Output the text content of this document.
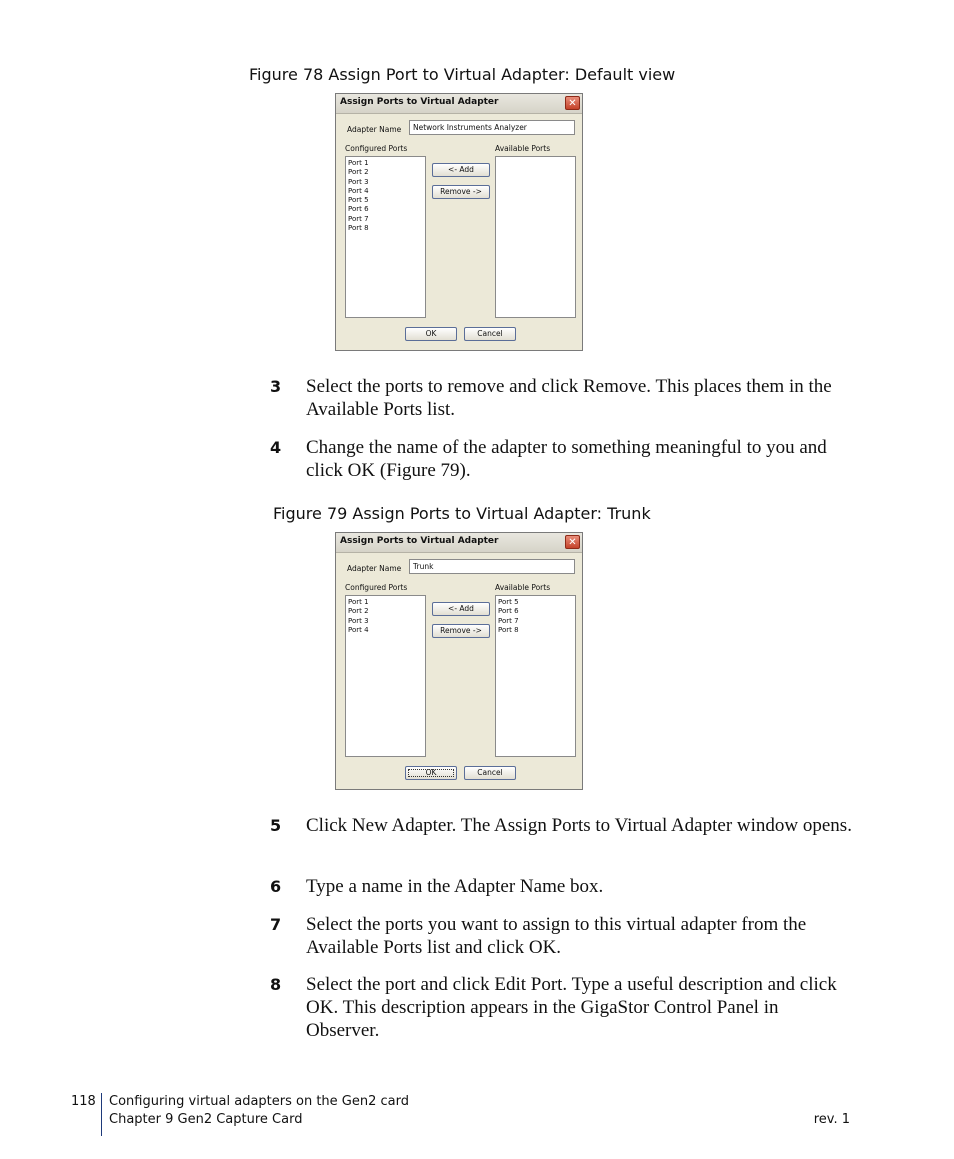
Figure 78 Assign Port to Virtual Adapter: Default view
Assign Ports to Virtual Adapter	✕
Adapter Name	Network Instruments Analyzer
Configured Ports	Available Ports
Port 1
Port 2
Port 3
Port 4
Port 5
Port 6
Port 7
Port 8
<- Add
Remove ->
OK	Cancel
3 Select the ports to remove and click Remove. This places them in the Available Ports list.
4 Change the name of the adapter to something meaningful to you and click OK (Figure 79).
Figure 79 Assign Ports to Virtual Adapter: Trunk
Assign Ports to Virtual Adapter	✕
Adapter Name	Trunk
Configured Ports	Available Ports
Port 1
Port 2
Port 3
Port 4
<- Add
Remove ->
Port 5
Port 6
Port 7
Port 8
OK	Cancel
5 Click New Adapter. The Assign Ports to Virtual Adapter window opens.
6 Type a name in the Adapter Name box.
7 Select the ports you want to assign to this virtual adapter from the Available Ports list and click OK.
8 Select the port and click Edit Port. Type a useful description and click OK. This description appears in the GigaStor Control Panel in Observer.
118 Configuring virtual adapters on the Gen2 card
Chapter 9 Gen2 Capture Card	rev. 1
